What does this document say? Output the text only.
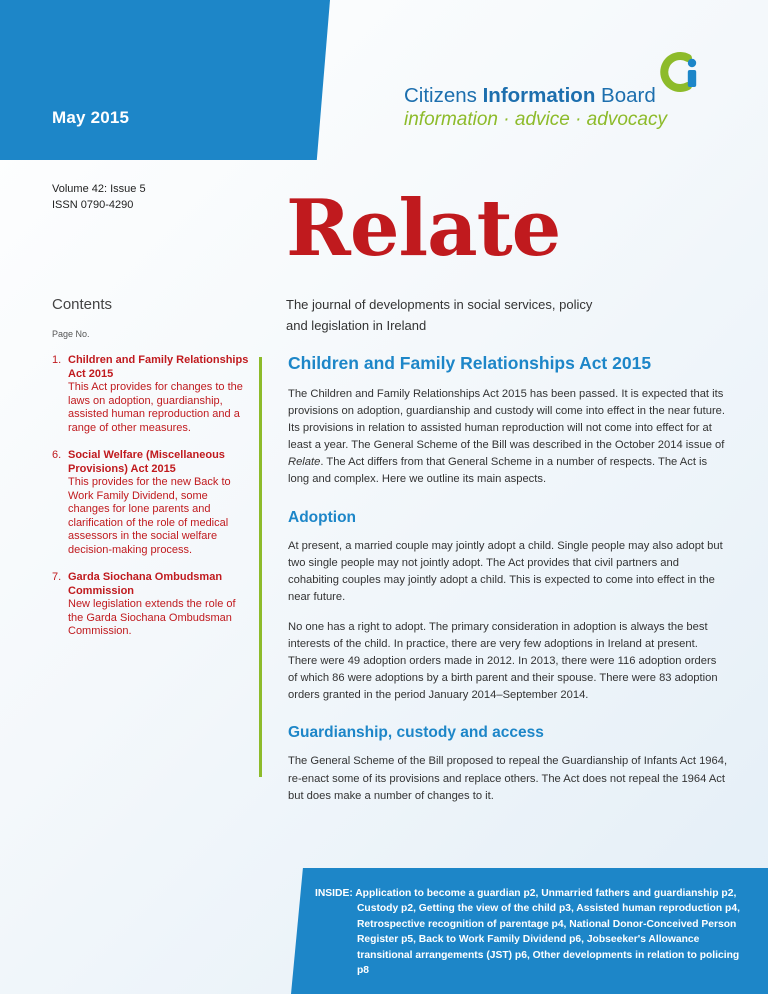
May 2015
Citizens Information Board
information · advice · advocacy
Volume 42: Issue 5
ISSN 0790-4290 Relate
The journal of developments in social services, policy and legislation in Ireland
Contents
Page No.
1. Children and Family Relationships Act 2015
This Act provides for changes to the laws on adoption, guardianship, assisted human reproduction and a range of other measures.
6. Social Welfare (Miscellaneous Provisions) Act 2015
This provides for the new Back to Work Family Dividend, some changes for lone parents and clarification of the role of medical assessors in the social welfare decision-making process.
7. Garda Siochana Ombudsman Commission
New legislation extends the role of the Garda Siochana Ombudsman Commission.
Children and Family Relationships Act 2015

The Children and Family Relationships Act 2015 has been passed. It is expected that its provisions on adoption, guardianship and custody will come into effect in the near future. Its provisions in relation to assisted human reproduction will not come into effect for at least a year. The General Scheme of the Bill was described in the October 2014 issue of Relate. The Act differs from that General Scheme in a number of respects. The Act is long and complex. Here we outline its main aspects.

Adoption

At present, a married couple may jointly adopt a child. Single people may also adopt but two single people may not jointly adopt. The Act provides that civil partners and cohabiting couples may jointly adopt a child. This is expected to come into effect in the near future.

No one has a right to adopt. The primary consideration in adoption is always the best interests of the child. In practice, there are very few adoptions in Ireland at present. There were 49 adoption orders made in 2012. In 2013, there were 116 adoption orders of which 86 were adoptions by a birth parent and their spouse. There were 83 adoption orders granted in the period January 2014–September 2014.

Guardianship, custody and access

The General Scheme of the Bill proposed to repeal the Guardianship of Infants Act 1964, re-enact some of its provisions and replace others. The Act does not repeal the 1964 Act but does make a number of changes to it.

INSIDE: Application to become a guardian p2, Unmarried fathers and guardianship p2, Custody p2, Getting the view of the child p3, Assisted human reproduction p4, Retrospective recognition of parentage p4, National Donor-Conceived Person Register p5, Back to Work Family Dividend p6, Jobseeker's Allowance transitional arrangements (JST) p6, Other developments in relation to policing p8
